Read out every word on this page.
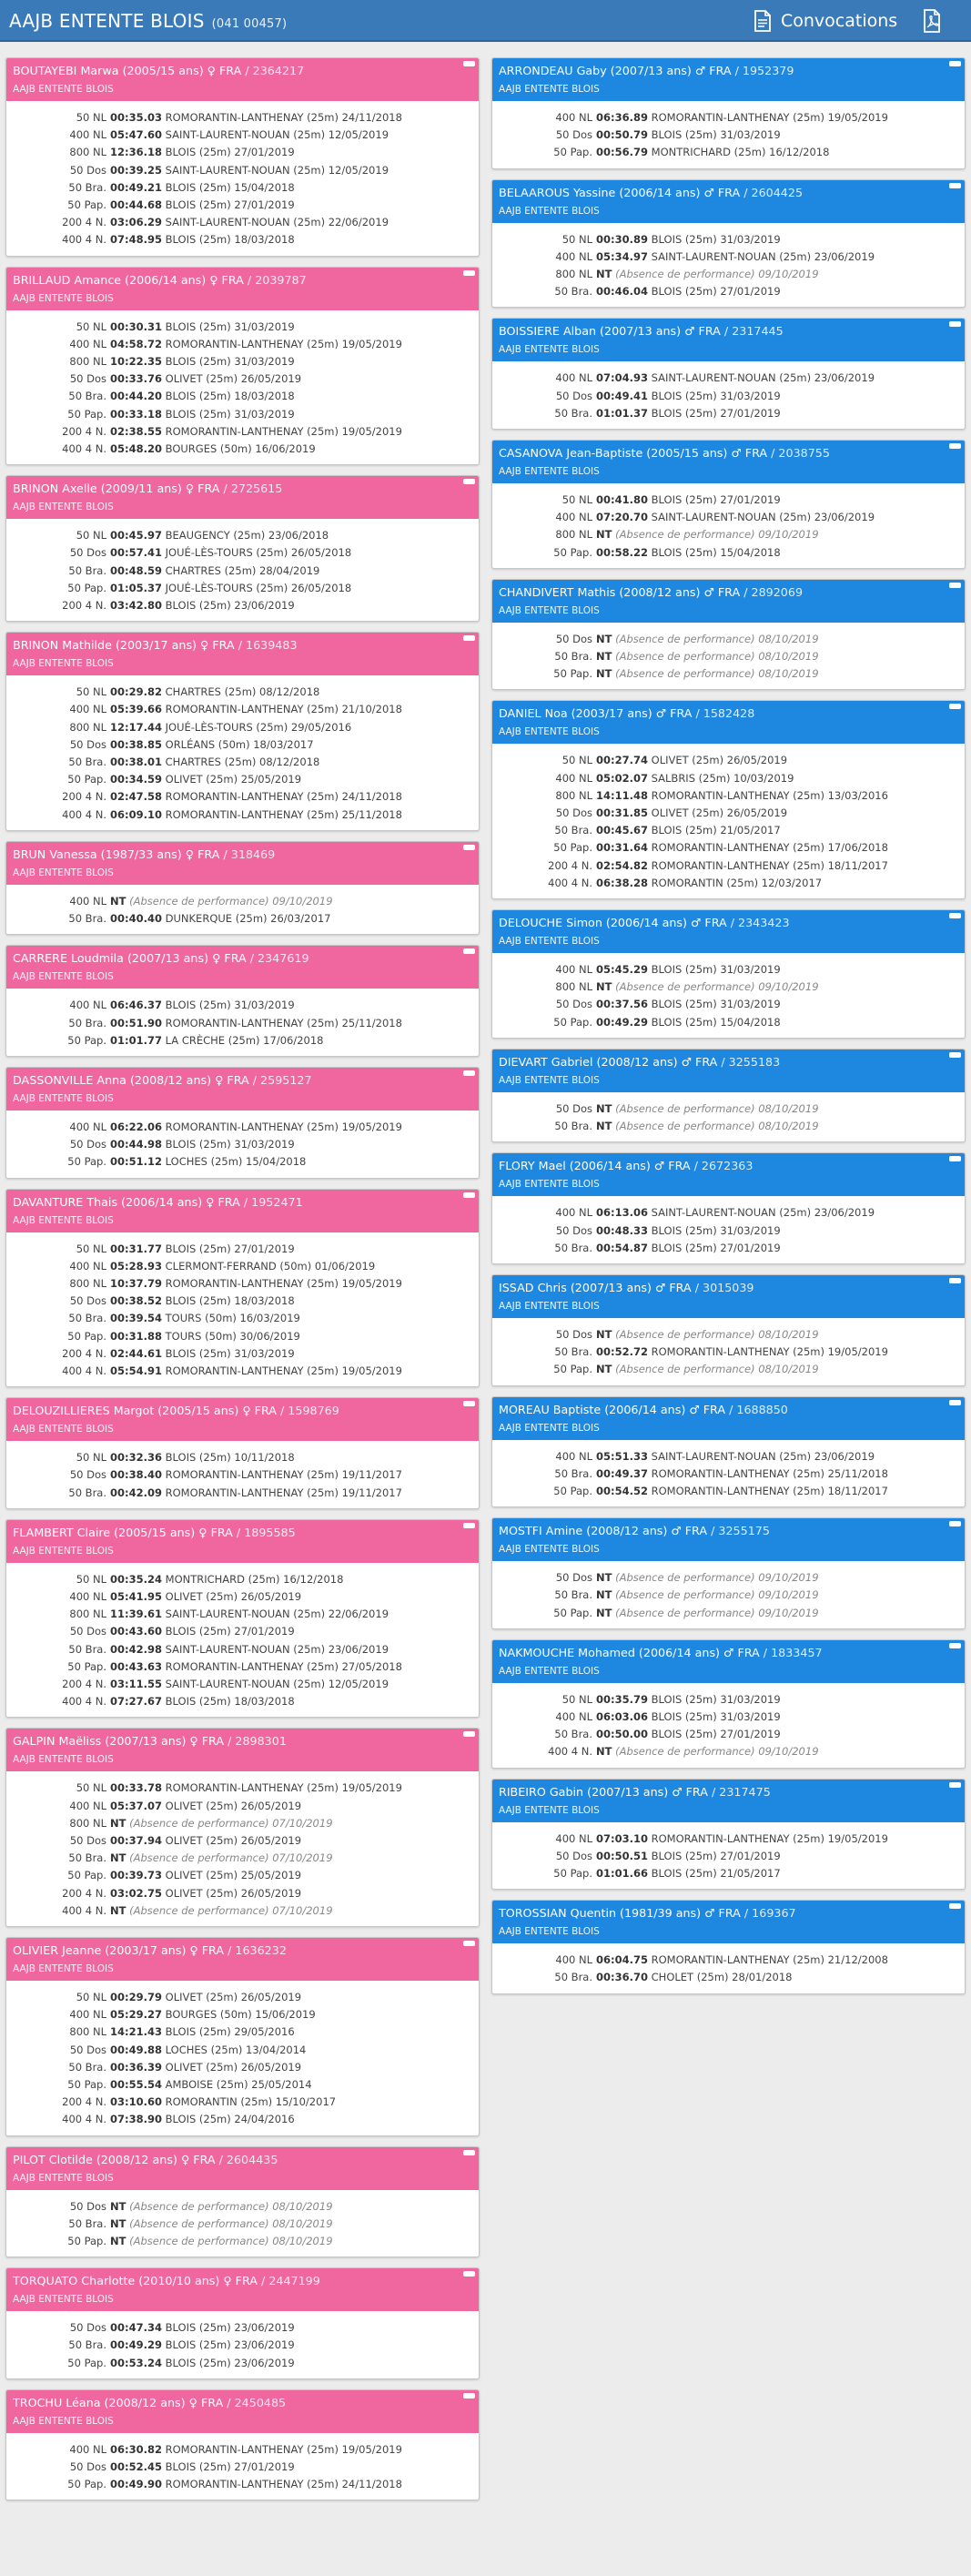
AAJB ENTENTE BLOIS (041 00457)	Convocations
BOUTAYEBI Marwa (2005/15 ans) ♀ FRA / 2364217
AAJB ENTENTE BLOIS
50 NL 00:35.03 ROMORANTIN-LANTHENAY (25m) 24/11/2018
400 NL 05:47.60 SAINT-LAURENT-NOUAN (25m) 12/05/2019
800 NL 12:36.18 BLOIS (25m) 27/01/2019
50 Dos 00:39.25 SAINT-LAURENT-NOUAN (25m) 12/05/2019
50 Bra. 00:49.21 BLOIS (25m) 15/04/2018
50 Pap. 00:44.68 BLOIS (25m) 27/01/2019
200 4 N. 03:06.29 SAINT-LAURENT-NOUAN (25m) 22/06/2019
400 4 N. 07:48.95 BLOIS (25m) 18/03/2018
BRILLAUD Amance (2006/14 ans) ♀ FRA / 2039787
AAJB ENTENTE BLOIS
50 NL 00:30.31 BLOIS (25m) 31/03/2019
400 NL 04:58.72 ROMORANTIN-LANTHENAY (25m) 19/05/2019
800 NL 10:22.35 BLOIS (25m) 31/03/2019
50 Dos 00:33.76 OLIVET (25m) 26/05/2019
50 Bra. 00:44.20 BLOIS (25m) 18/03/2018
50 Pap. 00:33.18 BLOIS (25m) 31/03/2019
200 4 N. 02:38.55 ROMORANTIN-LANTHENAY (25m) 19/05/2019
400 4 N. 05:48.20 BOURGES (50m) 16/06/2019
BRINON Axelle (2009/11 ans) ♀ FRA / 2725615
AAJB ENTENTE BLOIS
50 NL 00:45.97 BEAUGENCY (25m) 23/06/2018
50 Dos 00:57.41 JOUÉ-LÈS-TOURS (25m) 26/05/2018
50 Bra. 00:48.59 CHARTRES (25m) 28/04/2019
50 Pap. 01:05.37 JOUÉ-LÈS-TOURS (25m) 26/05/2018
200 4 N. 03:42.80 BLOIS (25m) 23/06/2019
BRINON Mathilde (2003/17 ans) ♀ FRA / 1639483
AAJB ENTENTE BLOIS
50 NL 00:29.82 CHARTRES (25m) 08/12/2018
400 NL 05:39.66 ROMORANTIN-LANTHENAY (25m) 21/10/2018
800 NL 12:17.44 JOUÉ-LÈS-TOURS (25m) 29/05/2016
50 Dos 00:38.85 ORLÉANS (50m) 18/03/2017
50 Bra. 00:38.01 CHARTRES (25m) 08/12/2018
50 Pap. 00:34.59 OLIVET (25m) 25/05/2019
200 4 N. 02:47.58 ROMORANTIN-LANTHENAY (25m) 24/11/2018
400 4 N. 06:09.10 ROMORANTIN-LANTHENAY (25m) 25/11/2018
BRUN Vanessa (1987/33 ans) ♀ FRA / 318469
AAJB ENTENTE BLOIS
400 NL NT (Absence de performance) 09/10/2019
50 Bra. 00:40.40 DUNKERQUE (25m) 26/03/2017
CARRERE Loudmila (2007/13 ans) ♀ FRA / 2347619
AAJB ENTENTE BLOIS
400 NL 06:46.37 BLOIS (25m) 31/03/2019
50 Bra. 00:51.90 ROMORANTIN-LANTHENAY (25m) 25/11/2018
50 Pap. 01:01.77 LA CRÈCHE (25m) 17/06/2018
DASSONVILLE Anna (2008/12 ans) ♀ FRA / 2595127
AAJB ENTENTE BLOIS
400 NL 06:22.06 ROMORANTIN-LANTHENAY (25m) 19/05/2019
50 Dos 00:44.98 BLOIS (25m) 31/03/2019
50 Pap. 00:51.12 LOCHES (25m) 15/04/2018
DAVANTURE Thais (2006/14 ans) ♀ FRA / 1952471
AAJB ENTENTE BLOIS
50 NL 00:31.77 BLOIS (25m) 27/01/2019
400 NL 05:28.93 CLERMONT-FERRAND (50m) 01/06/2019
800 NL 10:37.79 ROMORANTIN-LANTHENAY (25m) 19/05/2019
50 Dos 00:38.52 BLOIS (25m) 18/03/2018
50 Bra. 00:39.54 TOURS (50m) 16/03/2019
50 Pap. 00:31.88 TOURS (50m) 30/06/2019
200 4 N. 02:44.61 BLOIS (25m) 31/03/2019
400 4 N. 05:54.91 ROMORANTIN-LANTHENAY (25m) 19/05/2019
DELOUZILLIERES Margot (2005/15 ans) ♀ FRA / 1598769
AAJB ENTENTE BLOIS
50 NL 00:32.36 BLOIS (25m) 10/11/2018
50 Dos 00:38.40 ROMORANTIN-LANTHENAY (25m) 19/11/2017
50 Bra. 00:42.09 ROMORANTIN-LANTHENAY (25m) 19/11/2017
FLAMBERT Claire (2005/15 ans) ♀ FRA / 1895585
AAJB ENTENTE BLOIS
50 NL 00:35.24 MONTRICHARD (25m) 16/12/2018
400 NL 05:41.95 OLIVET (25m) 26/05/2019
800 NL 11:39.61 SAINT-LAURENT-NOUAN (25m) 22/06/2019
50 Dos 00:43.60 BLOIS (25m) 27/01/2019
50 Bra. 00:42.98 SAINT-LAURENT-NOUAN (25m) 23/06/2019
50 Pap. 00:43.63 ROMORANTIN-LANTHENAY (25m) 27/05/2018
200 4 N. 03:11.55 SAINT-LAURENT-NOUAN (25m) 12/05/2019
400 4 N. 07:27.67 BLOIS (25m) 18/03/2018
GALPIN Maëliss (2007/13 ans) ♀ FRA / 2898301
AAJB ENTENTE BLOIS
50 NL 00:33.78 ROMORANTIN-LANTHENAY (25m) 19/05/2019
400 NL 05:37.07 OLIVET (25m) 26/05/2019
800 NL NT (Absence de performance) 07/10/2019
50 Dos 00:37.94 OLIVET (25m) 26/05/2019
50 Bra. NT (Absence de performance) 07/10/2019
50 Pap. 00:39.73 OLIVET (25m) 25/05/2019
200 4 N. 03:02.75 OLIVET (25m) 26/05/2019
400 4 N. NT (Absence de performance) 07/10/2019
OLIVIER Jeanne (2003/17 ans) ♀ FRA / 1636232
AAJB ENTENTE BLOIS
50 NL 00:29.79 OLIVET (25m) 26/05/2019
400 NL 05:29.27 BOURGES (50m) 15/06/2019
800 NL 14:21.43 BLOIS (25m) 29/05/2016
50 Dos 00:49.88 LOCHES (25m) 13/04/2014
50 Bra. 00:36.39 OLIVET (25m) 26/05/2019
50 Pap. 00:55.54 AMBOISE (25m) 25/05/2014
200 4 N. 03:10.60 ROMORANTIN (25m) 15/10/2017
400 4 N. 07:38.90 BLOIS (25m) 24/04/2016
PILOT Clotilde (2008/12 ans) ♀ FRA / 2604435
AAJB ENTENTE BLOIS
50 Dos NT (Absence de performance) 08/10/2019
50 Bra. NT (Absence de performance) 08/10/2019
50 Pap. NT (Absence de performance) 08/10/2019
TORQUATO Charlotte (2010/10 ans) ♀ FRA / 2447199
AAJB ENTENTE BLOIS
50 Dos 00:47.34 BLOIS (25m) 23/06/2019
50 Bra. 00:49.29 BLOIS (25m) 23/06/2019
50 Pap. 00:53.24 BLOIS (25m) 23/06/2019
TROCHU Léana (2008/12 ans) ♀ FRA / 2450485
AAJB ENTENTE BLOIS
400 NL 06:30.82 ROMORANTIN-LANTHENAY (25m) 19/05/2019
50 Dos 00:52.45 BLOIS (25m) 27/01/2019
50 Pap. 00:49.90 ROMORANTIN-LANTHENAY (25m) 24/11/2018
ARRONDEAU Gaby (2007/13 ans) ♂ FRA / 1952379
AAJB ENTENTE BLOIS
400 NL 06:36.89 ROMORANTIN-LANTHENAY (25m) 19/05/2019
50 Dos 00:50.79 BLOIS (25m) 31/03/2019
50 Pap. 00:56.79 MONTRICHARD (25m) 16/12/2018
BELAAROUS Yassine (2006/14 ans) ♂ FRA / 2604425
AAJB ENTENTE BLOIS
50 NL 00:30.89 BLOIS (25m) 31/03/2019
400 NL 05:34.97 SAINT-LAURENT-NOUAN (25m) 23/06/2019
800 NL NT (Absence de performance) 09/10/2019
50 Bra. 00:46.04 BLOIS (25m) 27/01/2019
BOISSIERE Alban (2007/13 ans) ♂ FRA / 2317445
AAJB ENTENTE BLOIS
400 NL 07:04.93 SAINT-LAURENT-NOUAN (25m) 23/06/2019
50 Dos 00:49.41 BLOIS (25m) 31/03/2019
50 Bra. 01:01.37 BLOIS (25m) 27/01/2019
CASANOVA Jean-Baptiste (2005/15 ans) ♂ FRA / 2038755
AAJB ENTENTE BLOIS
50 NL 00:41.80 BLOIS (25m) 27/01/2019
400 NL 07:20.70 SAINT-LAURENT-NOUAN (25m) 23/06/2019
800 NL NT (Absence de performance) 09/10/2019
50 Pap. 00:58.22 BLOIS (25m) 15/04/2018
CHANDIVERT Mathis (2008/12 ans) ♂ FRA / 2892069
AAJB ENTENTE BLOIS
50 Dos NT (Absence de performance) 08/10/2019
50 Bra. NT (Absence de performance) 08/10/2019
50 Pap. NT (Absence de performance) 08/10/2019
DANIEL Noa (2003/17 ans) ♂ FRA / 1582428
AAJB ENTENTE BLOIS
50 NL 00:27.74 OLIVET (25m) 26/05/2019
400 NL 05:02.07 SALBRIS (25m) 10/03/2019
800 NL 14:11.48 ROMORANTIN-LANTHENAY (25m) 13/03/2016
50 Dos 00:31.85 OLIVET (25m) 26/05/2019
50 Bra. 00:45.67 BLOIS (25m) 21/05/2017
50 Pap. 00:31.64 ROMORANTIN-LANTHENAY (25m) 17/06/2018
200 4 N. 02:54.82 ROMORANTIN-LANTHENAY (25m) 18/11/2017
400 4 N. 06:38.28 ROMORANTIN (25m) 12/03/2017
DELOUCHE Simon (2006/14 ans) ♂ FRA / 2343423
AAJB ENTENTE BLOIS
400 NL 05:45.29 BLOIS (25m) 31/03/2019
800 NL NT (Absence de performance) 09/10/2019
50 Dos 00:37.56 BLOIS (25m) 31/03/2019
50 Pap. 00:49.29 BLOIS (25m) 15/04/2018
DIEVART Gabriel (2008/12 ans) ♂ FRA / 3255183
AAJB ENTENTE BLOIS
50 Dos NT (Absence de performance) 08/10/2019
50 Bra. NT (Absence de performance) 08/10/2019
FLORY Mael (2006/14 ans) ♂ FRA / 2672363
AAJB ENTENTE BLOIS
400 NL 06:13.06 SAINT-LAURENT-NOUAN (25m) 23/06/2019
50 Dos 00:48.33 BLOIS (25m) 31/03/2019
50 Bra. 00:54.87 BLOIS (25m) 27/01/2019
ISSAD Chris (2007/13 ans) ♂ FRA / 3015039
AAJB ENTENTE BLOIS
50 Dos NT (Absence de performance) 08/10/2019
50 Bra. 00:52.72 ROMORANTIN-LANTHENAY (25m) 19/05/2019
50 Pap. NT (Absence de performance) 08/10/2019
MOREAU Baptiste (2006/14 ans) ♂ FRA / 1688850
AAJB ENTENTE BLOIS
400 NL 05:51.33 SAINT-LAURENT-NOUAN (25m) 23/06/2019
50 Bra. 00:49.37 ROMORANTIN-LANTHENAY (25m) 25/11/2018
50 Pap. 00:54.52 ROMORANTIN-LANTHENAY (25m) 18/11/2017
MOSTFI Amine (2008/12 ans) ♂ FRA / 3255175
AAJB ENTENTE BLOIS
50 Dos NT (Absence de performance) 09/10/2019
50 Bra. NT (Absence de performance) 09/10/2019
50 Pap. NT (Absence de performance) 09/10/2019
NAKMOUCHE Mohamed (2006/14 ans) ♂ FRA / 1833457
AAJB ENTENTE BLOIS
50 NL 00:35.79 BLOIS (25m) 31/03/2019
400 NL 06:03.06 BLOIS (25m) 31/03/2019
50 Bra. 00:50.00 BLOIS (25m) 27/01/2019
400 4 N. NT (Absence de performance) 09/10/2019
RIBEIRO Gabin (2007/13 ans) ♂ FRA / 2317475
AAJB ENTENTE BLOIS
400 NL 07:03.10 ROMORANTIN-LANTHENAY (25m) 19/05/2019
50 Dos 00:50.51 BLOIS (25m) 27/01/2019
50 Pap. 01:01.66 BLOIS (25m) 21/05/2017
TOROSSIAN Quentin (1981/39 ans) ♂ FRA / 169367
AAJB ENTENTE BLOIS
400 NL 06:04.75 ROMORANTIN-LANTHENAY (25m) 21/12/2008
50 Bra. 00:36.70 CHOLET (25m) 28/01/2018
